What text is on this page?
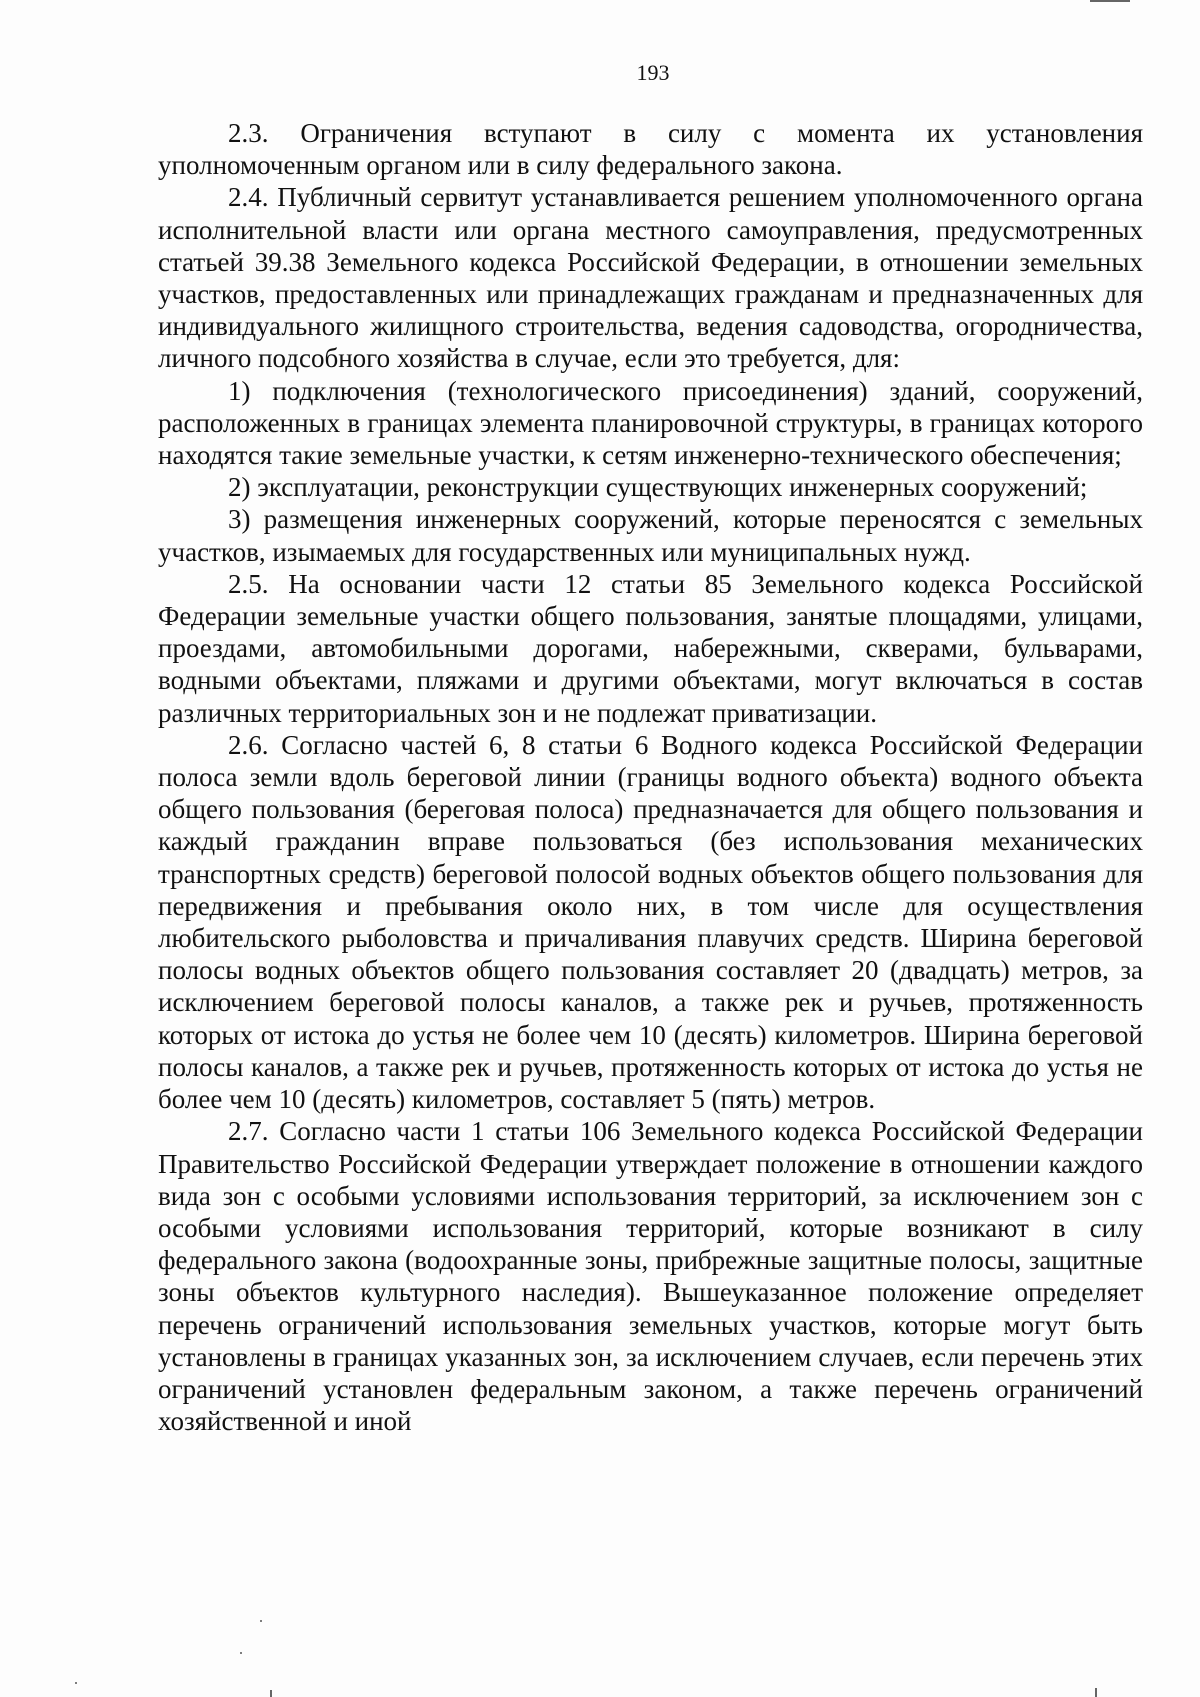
193

2.3. Ограничения вступают в силу с момента их установления уполномоченным органом или в силу федерального закона.

2.4. Публичный сервитут устанавливается решением уполномоченного органа исполнительной власти или органа местного самоуправления, предусмотренных статьей 39.38 Земельного кодекса Российской Федерации, в отношении земельных участков, предоставленных или принадлежащих гражданам и предназначенных для индивидуального жилищного строительства, ведения садоводства, огородничества, личного подсобного хозяйства в случае, если это требуется, для:

1) подключения (технологического присоединения) зданий, сооружений, расположенных в границах элемента планировочной структуры, в границах которого находятся такие земельные участки, к сетям инженерно-технического обеспечения;

2) эксплуатации, реконструкции существующих инженерных сооружений;

3) размещения инженерных сооружений, которые переносятся с земельных участков, изымаемых для государственных или муниципальных нужд.

2.5. На основании части 12 статьи 85 Земельного кодекса Российской Федерации земельные участки общего пользования, занятые площадями, улицами, проездами, автомобильными дорогами, набережными, скверами, бульварами, водными объектами, пляжами и другими объектами, могут включаться в состав различных территориальных зон и не подлежат приватизации.

2.6. Согласно частей 6, 8 статьи 6 Водного кодекса Российской Федерации полоса земли вдоль береговой линии (границы водного объекта) водного объекта общего пользования (береговая полоса) предназначается для общего пользования и каждый гражданин вправе пользоваться (без использования механических транспортных средств) береговой полосой водных объектов общего пользования для передвижения и пребывания около них, в том числе для осуществления любительского рыболовства и причаливания плавучих средств. Ширина береговой полосы водных объектов общего пользования составляет 20 (двадцать) метров, за исключением береговой полосы каналов, а также рек и ручьев, протяженность которых от истока до устья не более чем 10 (десять) километров. Ширина береговой полосы каналов, а также рек и ручьев, протяженность которых от истока до устья не более чем 10 (десять) километров, составляет 5 (пять) метров.

2.7. Согласно части 1 статьи 106 Земельного кодекса Российской Федерации Правительство Российской Федерации утверждает положение в отношении каждого вида зон с особыми условиями использования территорий, за исключением зон с особыми условиями использования территорий, которые возникают в силу федерального закона (водоохранные зоны, прибрежные защитные полосы, защитные зоны объектов культурного наследия). Вышеуказанное положение определяет перечень ограничений использования земельных участков, которые могут быть установлены в границах указанных зон, за исключением случаев, если перечень этих ограничений установлен федеральным законом, а также перечень ограничений хозяйственной и иной
